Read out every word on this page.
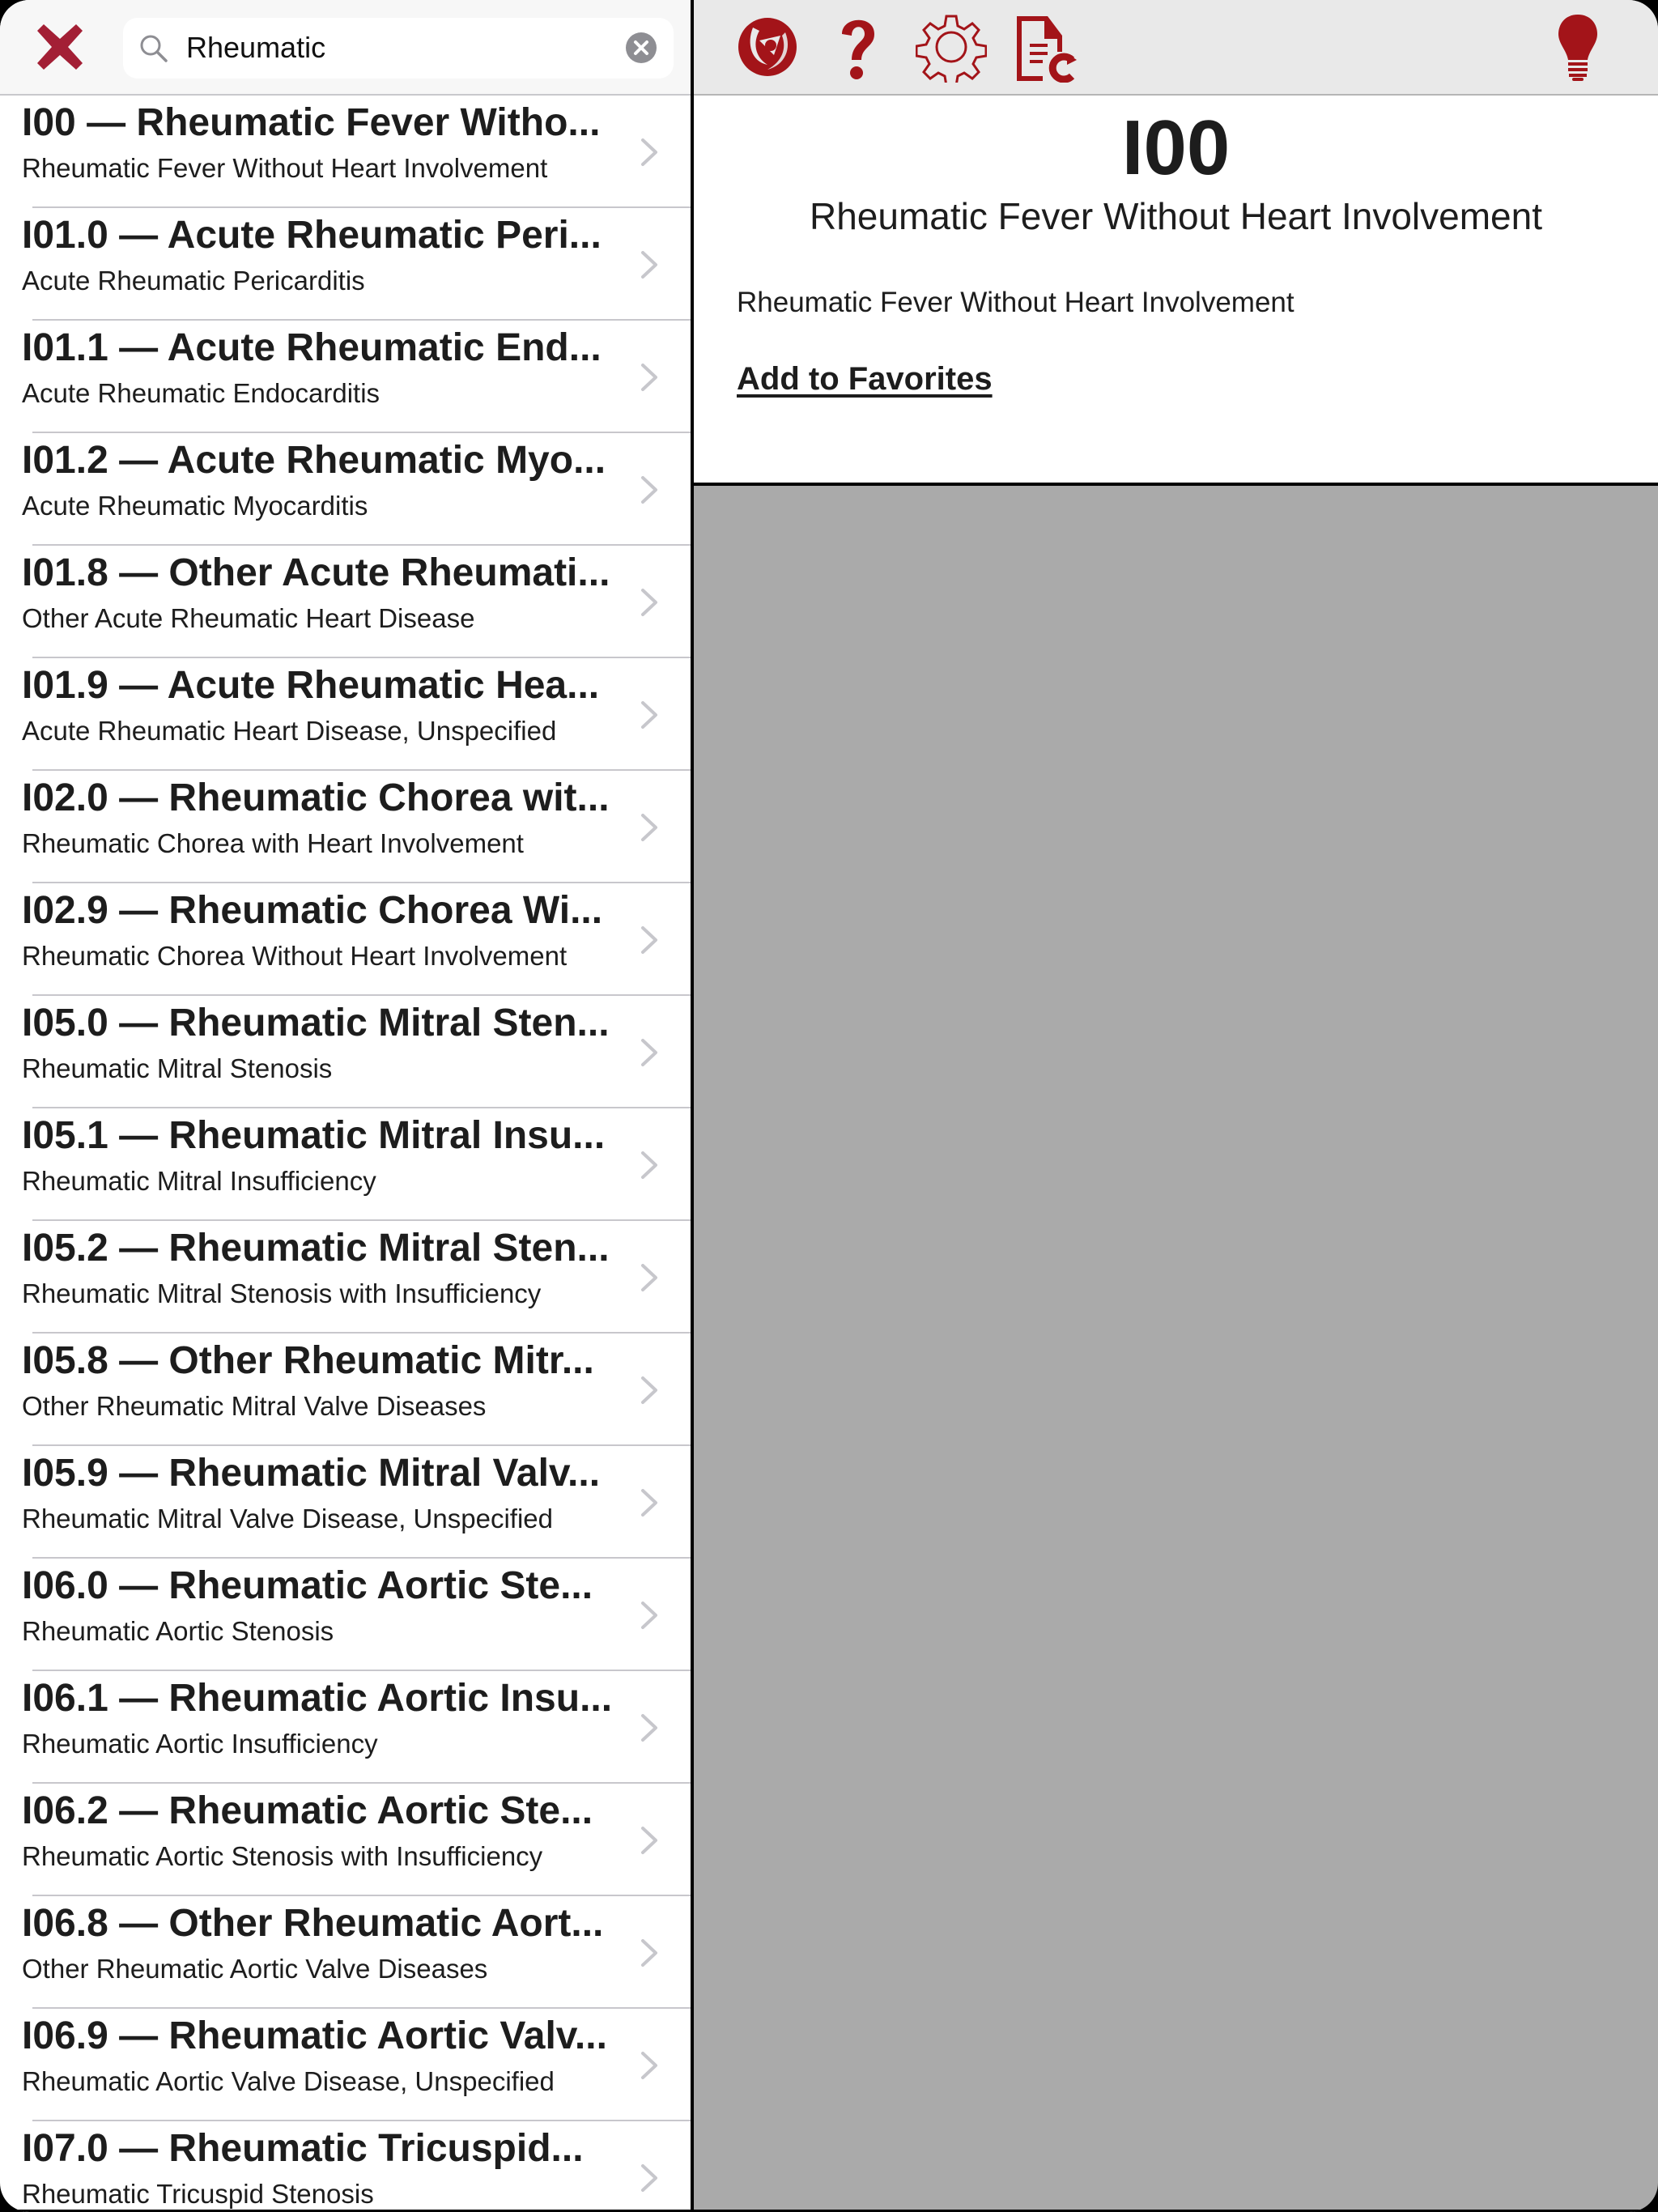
Rheumatic
I00 — Rheumatic Fever Witho...
Rheumatic Fever Without Heart Involvement
I01.0 — Acute Rheumatic Peri...
Acute Rheumatic Pericarditis
I01.1 — Acute Rheumatic End...
Acute Rheumatic Endocarditis
I01.2 — Acute Rheumatic Myo...
Acute Rheumatic Myocarditis
I01.8 — Other Acute Rheumati...
Other Acute Rheumatic Heart Disease
I01.9 — Acute Rheumatic Hea...
Acute Rheumatic Heart Disease, Unspecified
I02.0 — Rheumatic Chorea wit...
Rheumatic Chorea with Heart Involvement
I02.9 — Rheumatic Chorea Wi...
Rheumatic Chorea Without Heart Involvement
I05.0 — Rheumatic Mitral Sten...
Rheumatic Mitral Stenosis
I05.1 — Rheumatic Mitral Insu...
Rheumatic Mitral Insufficiency
I05.2 — Rheumatic Mitral Sten...
Rheumatic Mitral Stenosis with Insufficiency
I05.8 — Other Rheumatic Mitr...
Other Rheumatic Mitral Valve Diseases
I05.9 — Rheumatic Mitral Valv...
Rheumatic Mitral Valve Disease, Unspecified
I06.0 — Rheumatic Aortic Ste...
Rheumatic Aortic Stenosis
I06.1 — Rheumatic Aortic Insu...
Rheumatic Aortic Insufficiency
I06.2 — Rheumatic Aortic Ste...
Rheumatic Aortic Stenosis with Insufficiency
I06.8 — Other Rheumatic Aort...
Other Rheumatic Aortic Valve Diseases
I06.9 — Rheumatic Aortic Valv...
Rheumatic Aortic Valve Disease, Unspecified
I07.0 — Rheumatic Tricuspid...
Rheumatic Tricuspid Stenosis
I00
Rheumatic Fever Without Heart Involvement
Rheumatic Fever Without Heart Involvement
Add to Favorites
